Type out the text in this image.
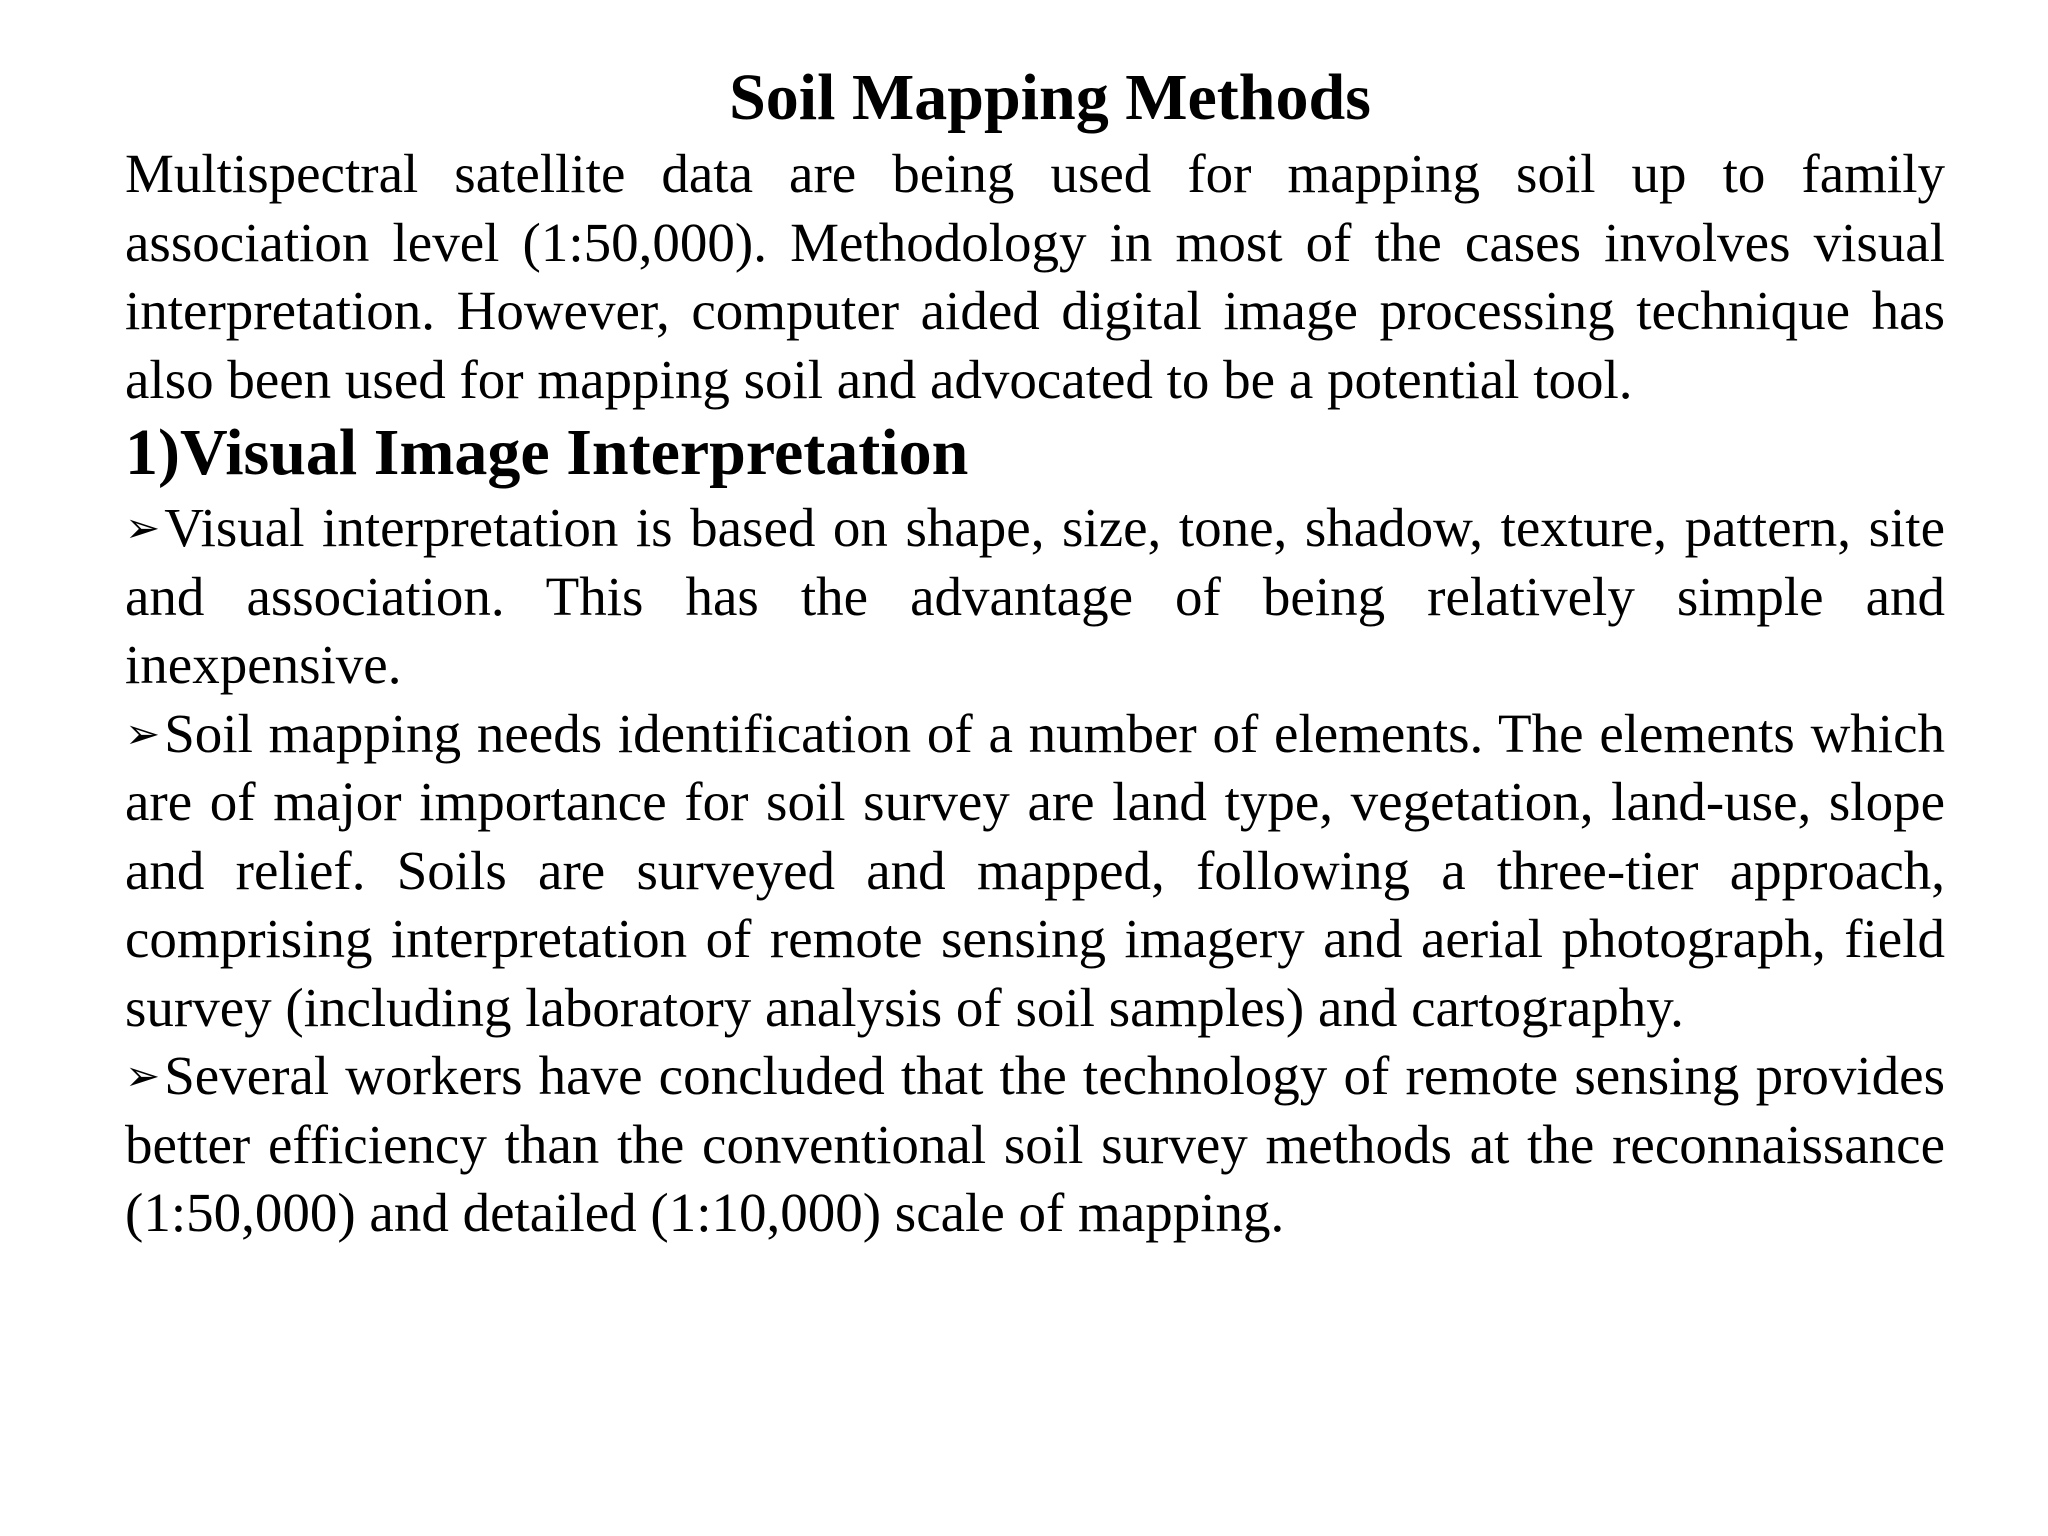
Soil Mapping Methods

Multispectral satellite data are being used for mapping soil up to family association level (1:50,000). Methodology in most of the cases involves visual interpretation. However, computer aided digital image processing technique has also been used for mapping soil and advocated to be a potential tool.

1)Visual Image Interpretation

➢Visual interpretation is based on shape, size, tone, shadow, texture, pattern, site and association. This has the advantage of being relatively simple and inexpensive.

➢Soil mapping needs identification of a number of elements. The elements which are of major importance for soil survey are land type, vegetation, land-use, slope and relief. Soils are surveyed and mapped, following a three-tier approach, comprising interpretation of remote sensing imagery and aerial photograph, field survey (including laboratory analysis of soil samples) and cartography.

➢Several workers have concluded that the technology of remote sensing provides better efficiency than the conventional soil survey methods at the reconnaissance (1:50,000) and detailed (1:10,000) scale of mapping.
